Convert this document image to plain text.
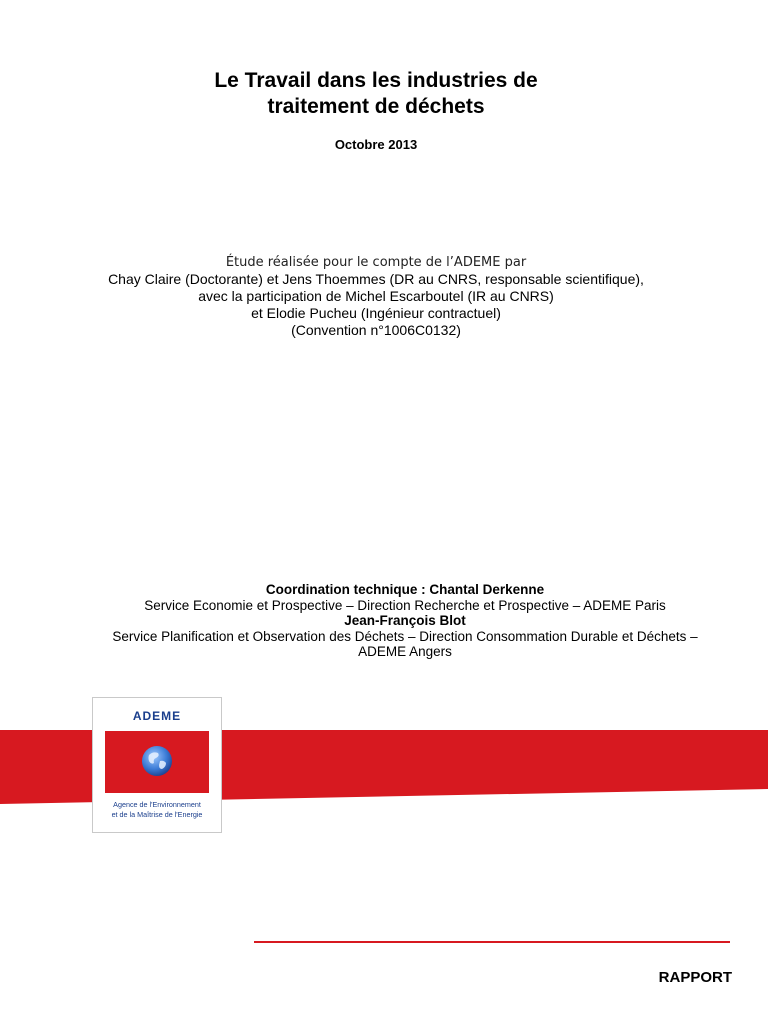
Le Travail dans les industries de
traitement de déchets
Octobre 2013
Étude réalisée pour le compte de l’ADEME par
Chay Claire (Doctorante) et Jens Thoemmes (DR au CNRS, responsable scientifique),
avec la participation de Michel Escarboutel (IR au CNRS)
et Elodie Pucheu (Ingénieur contractuel)
(Convention n°1006C0132)
Coordination technique : Chantal Derkenne
Service Economie et Prospective – Direction Recherche et Prospective – ADEME Paris
Jean-François Blot
Service Planification et Observation des Déchets – Direction Consommation Durable et Déchets –
ADEME Angers
ADEME
Agence de l'Environnement
et de la Maîtrise de l'Energie
RAPPORT
